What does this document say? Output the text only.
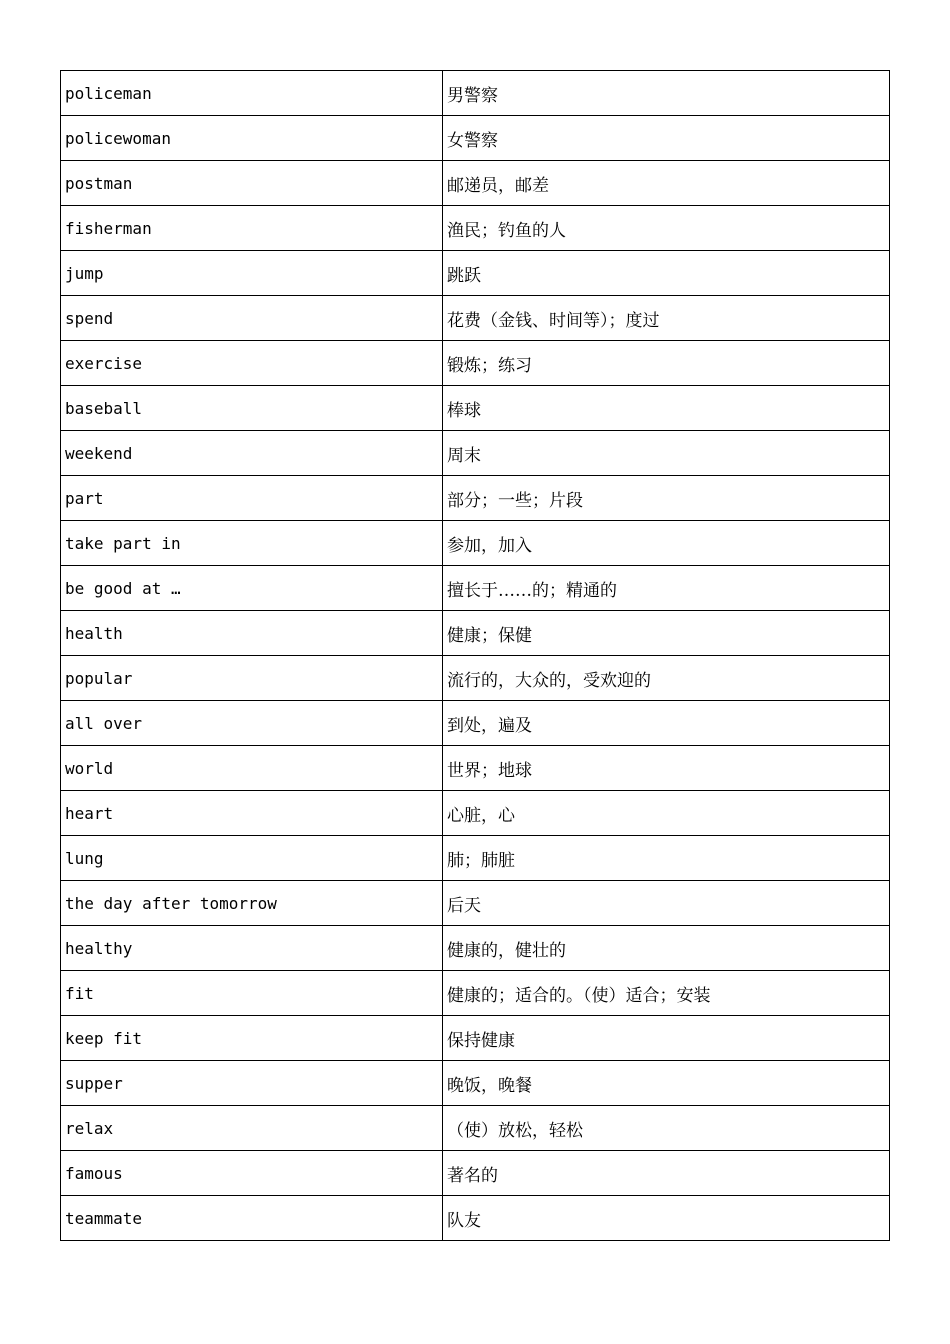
policeman	男警察
policewoman	女警察
postman	邮递员，邮差
fisherman	渔民；钓鱼的人
jump	跳跃
spend	花费（金钱、时间等）；度过
exercise	锻炼；练习
baseball	棒球
weekend	周末
part	部分；一些；片段
take part in	参加，加入
be good at …	擅长于……的；精通的
health	健康；保健
popular	流行的，大众的，受欢迎的
all over	到处，遍及
world	世界；地球
heart	心脏，心
lung	肺；肺脏
the day after tomorrow	后天
healthy	健康的，健壮的
fit	健康的；适合的。（使）适合；安装
keep fit	保持健康
supper	晚饭，晚餐
relax	（使）放松，轻松
famous	著名的
teammate	队友
